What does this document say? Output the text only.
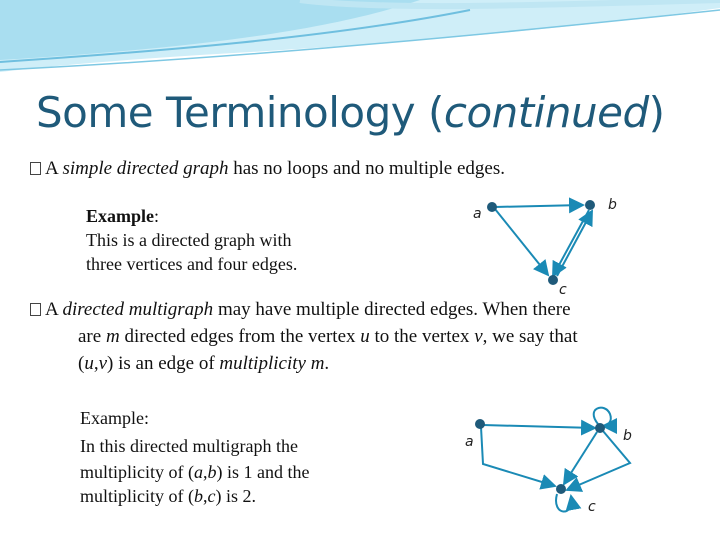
Some Terminology (continued)
A simple directed graph has no loops and no multiple edges.
Example:
This is a directed graph with
three vertices and four edges.
a
b
c
A directed multigraph may have multiple directed edges. When there
are m directed edges from the vertex u to the vertex v, we say that
(u,v) is an edge of multiplicity m.
Example:
In this directed multigraph the
multiplicity of (a,b) is 1 and the
multiplicity of (b,c) is 2.
a	b
c
